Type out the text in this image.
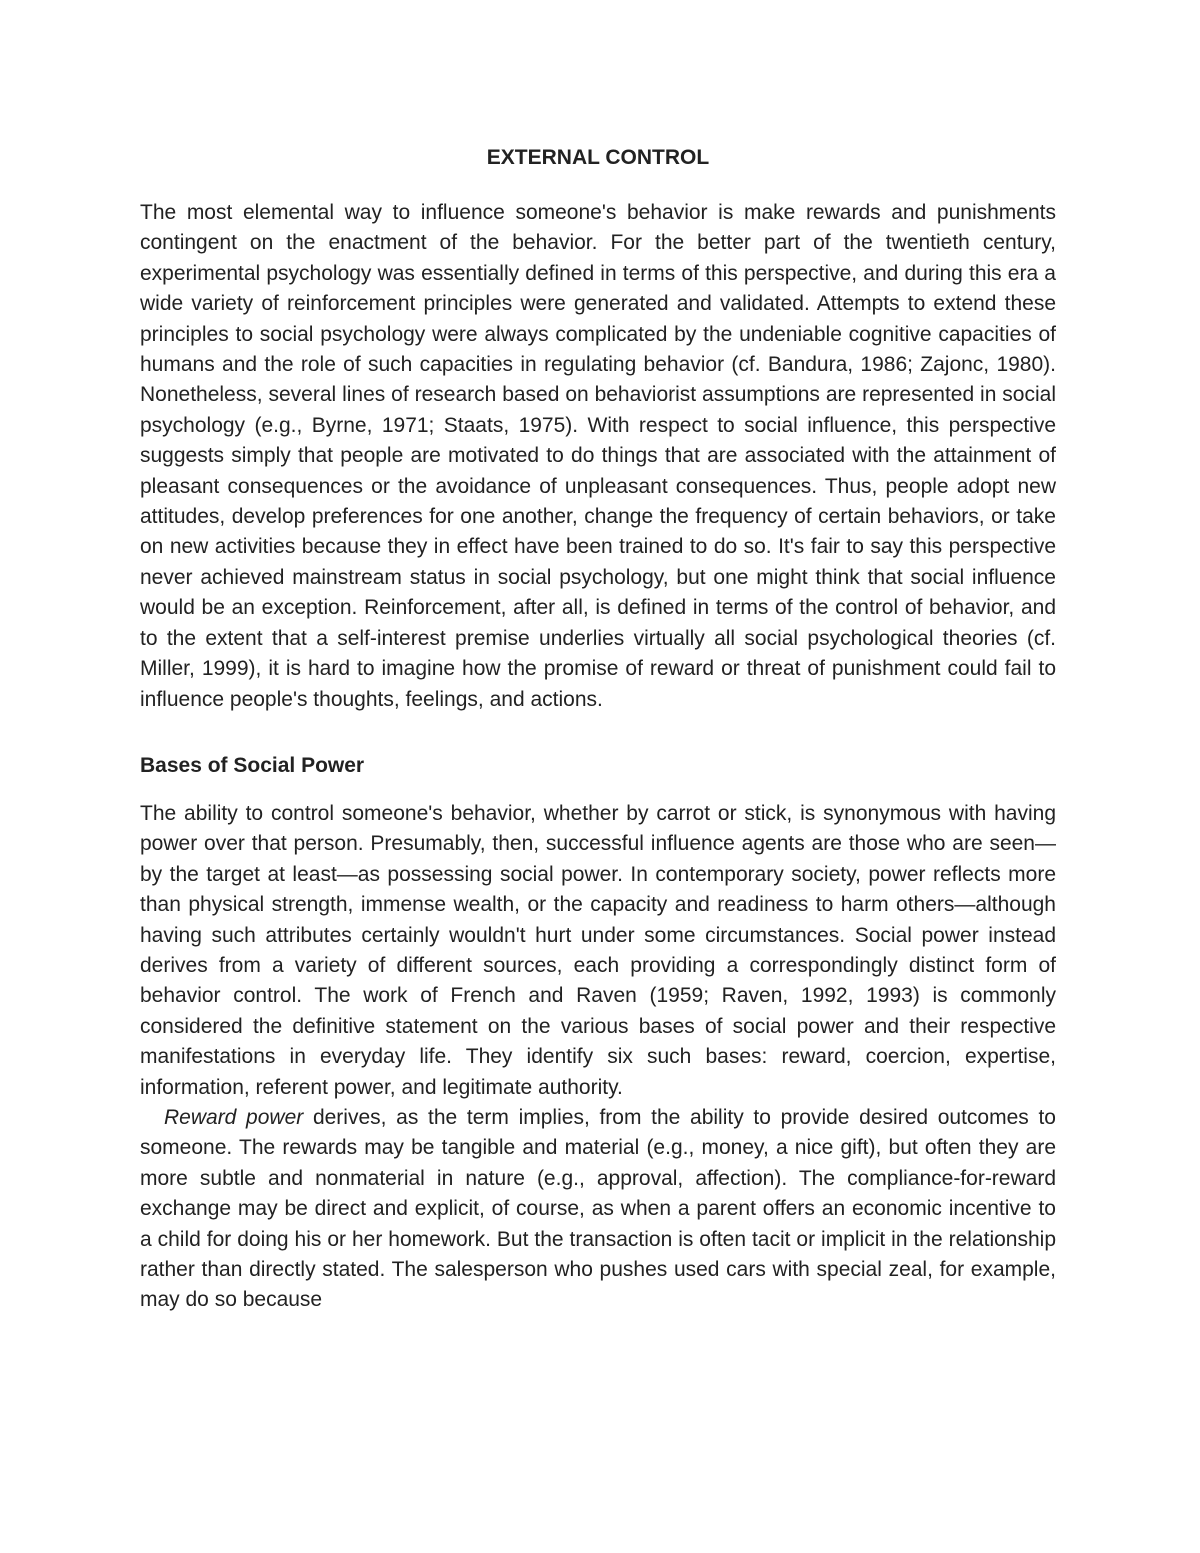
EXTERNAL CONTROL

The most elemental way to influence someone's behavior is make rewards and punishments contingent on the enactment of the behavior. For the better part of the twentieth century, experimental psychology was essentially defined in terms of this perspective, and during this era a wide variety of reinforcement principles were generated and validated. Attempts to extend these principles to social psychology were always complicated by the undeniable cognitive capacities of humans and the role of such capacities in regulating behavior (cf. Bandura, 1986; Zajonc, 1980). Nonetheless, several lines of research based on behaviorist assumptions are represented in social psychology (e.g., Byrne, 1971; Staats, 1975). With respect to social influence, this perspective suggests simply that people are motivated to do things that are associated with the attainment of pleasant consequences or the avoidance of unpleasant consequences. Thus, people adopt new attitudes, develop preferences for one another, change the frequency of certain behaviors, or take on new activities because they in effect have been trained to do so. It's fair to say this perspective never achieved mainstream status in social psychology, but one might think that social influence would be an exception. Reinforcement, after all, is defined in terms of the control of behavior, and to the extent that a self-interest premise underlies virtually all social psychological theories (cf. Miller, 1999), it is hard to imagine how the promise of reward or threat of punishment could fail to influence people's thoughts, feelings, and actions.

Bases of Social Power

The ability to control someone's behavior, whether by carrot or stick, is synonymous with having power over that person. Presumably, then, successful influence agents are those who are seen—by the target at least—as possessing social power. In contemporary society, power reflects more than physical strength, immense wealth, or the capacity and readiness to harm others—although having such attributes certainly wouldn't hurt under some circumstances. Social power instead derives from a variety of different sources, each providing a correspondingly distinct form of behavior control. The work of French and Raven (1959; Raven, 1992, 1993) is commonly considered the definitive statement on the various bases of social power and their respective manifestations in everyday life. They identify six such bases: reward, coercion, expertise, information, referent power, and legitimate authority.

Reward power derives, as the term implies, from the ability to provide desired outcomes to someone. The rewards may be tangible and material (e.g., money, a nice gift), but often they are more subtle and nonmaterial in nature (e.g., approval, affection). The compliance-for-reward exchange may be direct and explicit, of course, as when a parent offers an economic incentive to a child for doing his or her homework. But the transaction is often tacit or implicit in the relationship rather than directly stated. The salesperson who pushes used cars with special zeal, for example, may do so because
